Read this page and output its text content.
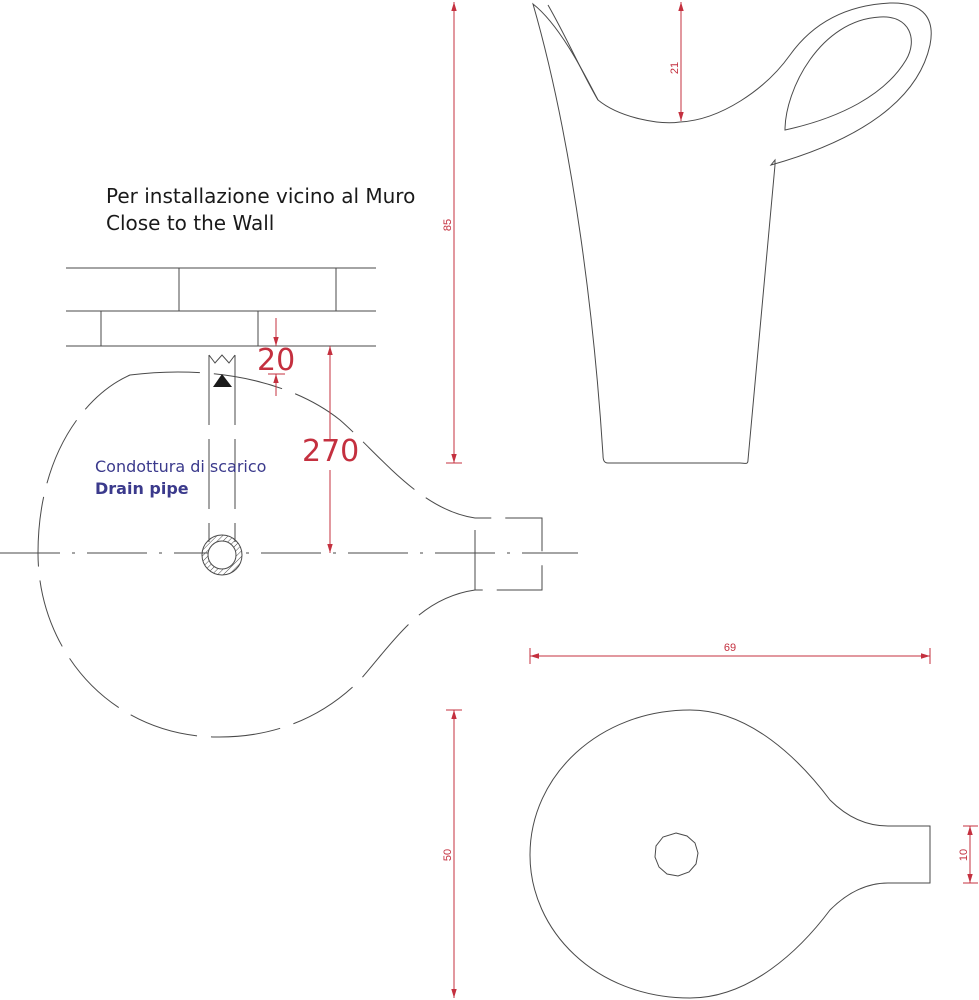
Per installazione vicino al Muro
Close to the Wall
Condottura di scarico
Drain pipe
20
270
21
85
69
50	10
